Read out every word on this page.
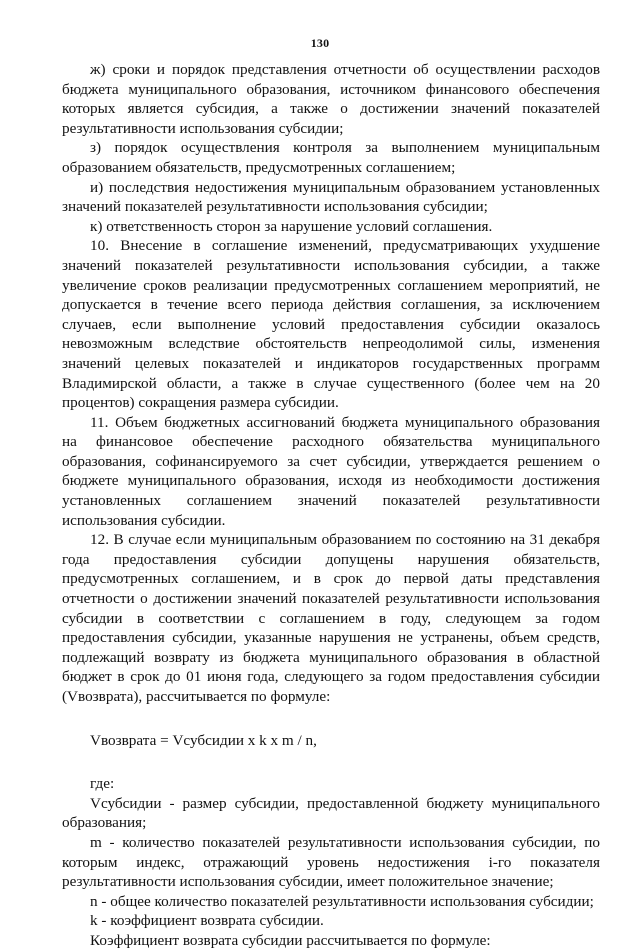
130

ж) сроки и порядок представления отчетности об осуществлении расходов бюджета муниципального образования, источником финансового обеспечения которых является субсидия, а также о достижении значений показателей результативности использования субсидии;

з) порядок осуществления контроля за выполнением муниципальным образованием обязательств, предусмотренных соглашением;

и) последствия недостижения муниципальным образованием установленных значений показателей результативности использования субсидии;

к) ответственность сторон за нарушение условий соглашения.

10. Внесение в соглашение изменений, предусматривающих ухудшение значений показателей результативности использования субсидии, а также увеличение сроков реализации предусмотренных соглашением мероприятий, не допускается в течение всего периода действия соглашения, за исключением случаев, если выполнение условий предоставления субсидии оказалось невозможным вследствие обстоятельств непреодолимой силы, изменения значений целевых показателей и индикаторов государственных программ Владимирской области, а также в случае существенного (более чем на 20 процентов) сокращения размера субсидии.

11. Объем бюджетных ассигнований бюджета муниципального образования на финансовое обеспечение расходного обязательства муниципального образования, софинансируемого за счет субсидии, утверждается решением о бюджете муниципального образования, исходя из необходимости достижения установленных соглашением значений показателей результативности использования субсидии.

12. В случае если муниципальным образованием по состоянию на 31 декабря года предоставления субсидии допущены нарушения обязательств, предусмотренных соглашением, и в срок до первой даты представления отчетности о достижении значений показателей результативности использования субсидии в соответствии с соглашением в году, следующем за годом предоставления субсидии, указанные нарушения не устранены, объем средств, подлежащий возврату из бюджета муниципального образования в областной бюджет в срок до 01 июня года, следующего за годом предоставления субсидии (Vвозврата), рассчитывается по формуле:

Vвозврата = Vсубсидии x k x m / n,

где:

Vсубсидии - размер субсидии, предоставленной бюджету муниципального образования;

m - количество показателей результативности использования субсидии, по которым индекс, отражающий уровень недостижения i-го показателя результативности использования субсидии, имеет положительное значение;

n - общее количество показателей результативности использования субсидии;

k - коэффициент возврата субсидии.

Коэффициент возврата субсидии рассчитывается по формуле:
